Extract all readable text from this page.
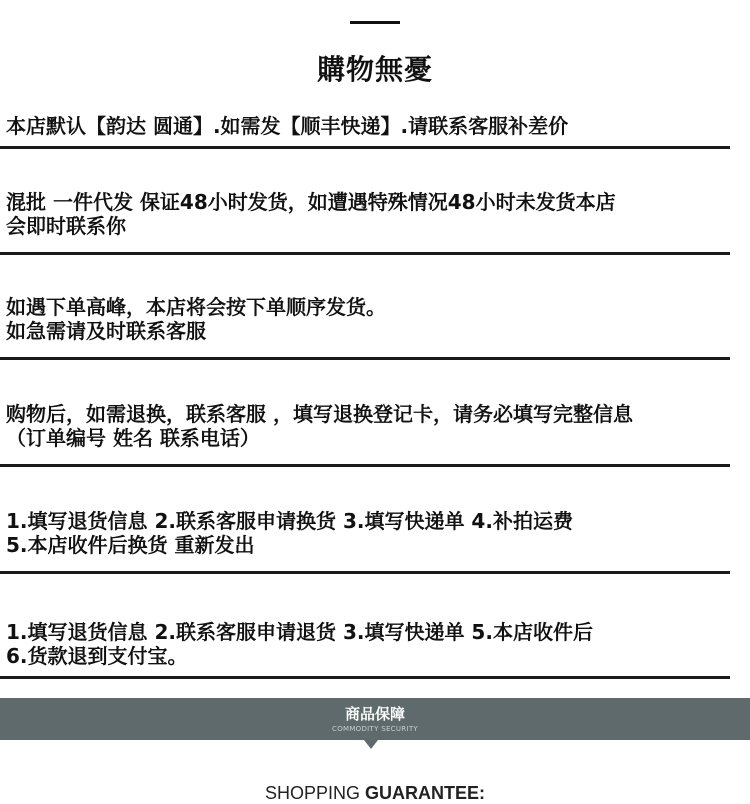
購物無憂
本店默认【韵达 圆通】.如需发【顺丰快递】.请联系客服补差价
混批 一件代发 保证48小时发货，如遭遇特殊情况48小时未发货本店
会即时联系你
如遇下单高峰，本店将会按下单顺序发货。
如急需请及时联系客服
购物后，如需退换，联系客服 ，填写退换登记卡，请务必填写完整信息
（订单编号 姓名 联系电话）
1.填写退货信息 2.联系客服申请换货 3.填写快递单 4.补拍运费
5.本店收件后换货 重新发出
1.填写退货信息 2.联系客服申请退货 3.填写快递单 5.本店收件后
6.货款退到支付宝。
商品保障
COMMODITY SECURITY
SHOPPING GUARANTEE:
